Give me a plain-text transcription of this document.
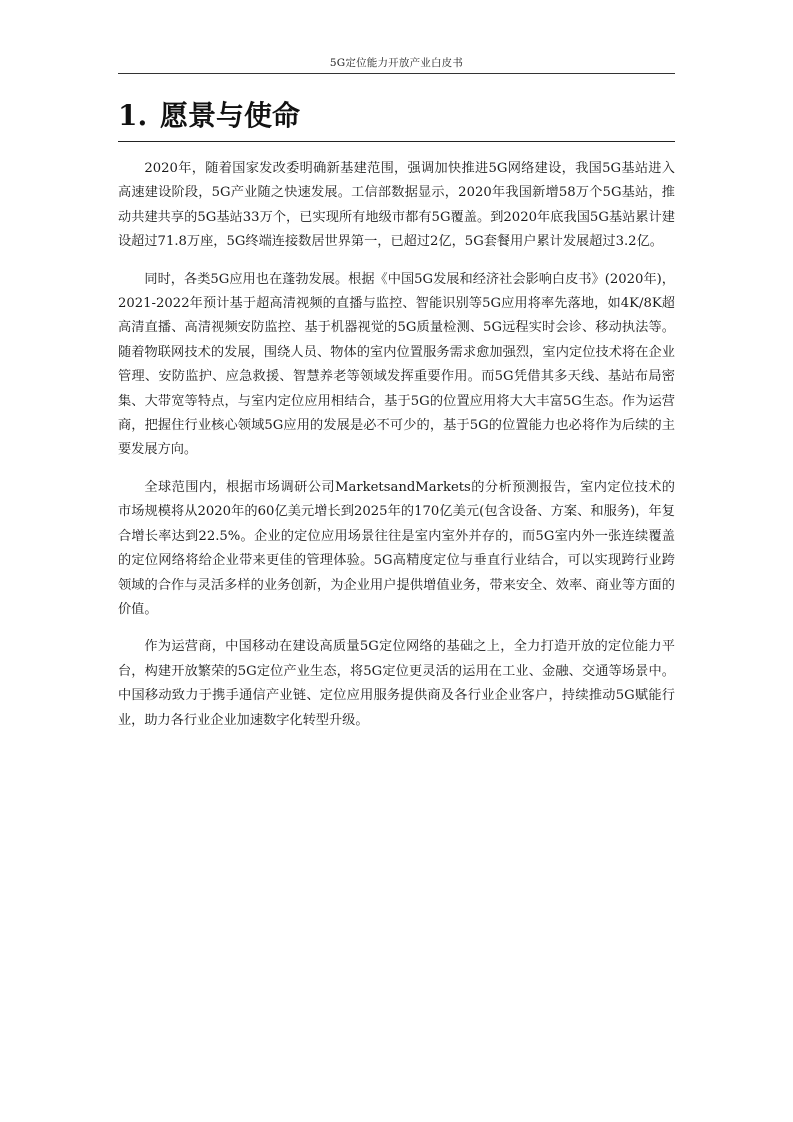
5G定位能力开放产业白皮书
1. 愿景与使命

2020年，随着国家发改委明确新基建范围，强调加快推进5G网络建设，我国5G基站进入高速建设阶段，5G产业随之快速发展。工信部数据显示，2020年我国新增58万个5G基站，推动共建共享的5G基站33万个，已实现所有地级市都有5G覆盖。到2020年底我国5G基站累计建设超过71.8万座，5G终端连接数居世界第一，已超过2亿，5G套餐用户累计发展超过3.2亿。

同时，各类5G应用也在蓬勃发展。根据《中国5G发展和经济社会影响白皮书》(2020年)，2021-2022年预计基于超高清视频的直播与监控、智能识别等5G应用将率先落地，如4K/8K超高清直播、高清视频安防监控、基于机器视觉的5G质量检测、5G远程实时会诊、移动执法等。随着物联网技术的发展，围绕人员、物体的室内位置服务需求愈加强烈，室内定位技术将在企业管理、安防监护、应急救援、智慧养老等领域发挥重要作用。而5G凭借其多天线、基站布局密集、大带宽等特点，与室内定位应用相结合，基于5G的位置应用将大大丰富5G生态。作为运营商，把握住行业核心领域5G应用的发展是必不可少的，基于5G的位置能力也必将作为后续的主要发展方向。

全球范围内，根据市场调研公司MarketsandMarkets的分析预测报告，室内定位技术的市场规模将从2020年的60亿美元增长到2025年的170亿美元(包含设备、方案、和服务)，年复合增长率达到22.5%。企业的定位应用场景往往是室内室外并存的，而5G室内外一张连续覆盖的定位网络将给企业带来更佳的管理体验。5G高精度定位与垂直行业结合，可以实现跨行业跨领域的合作与灵活多样的业务创新，为企业用户提供增值业务，带来安全、效率、商业等方面的价值。

作为运营商，中国移动在建设高质量5G定位网络的基础之上，全力打造开放的定位能力平台，构建开放繁荣的5G定位产业生态，将5G定位更灵活的运用在工业、金融、交通等场景中。中国移动致力于携手通信产业链、定位应用服务提供商及各行业企业客户，持续推动5G赋能行业，助力各行业企业加速数字化转型升级。
